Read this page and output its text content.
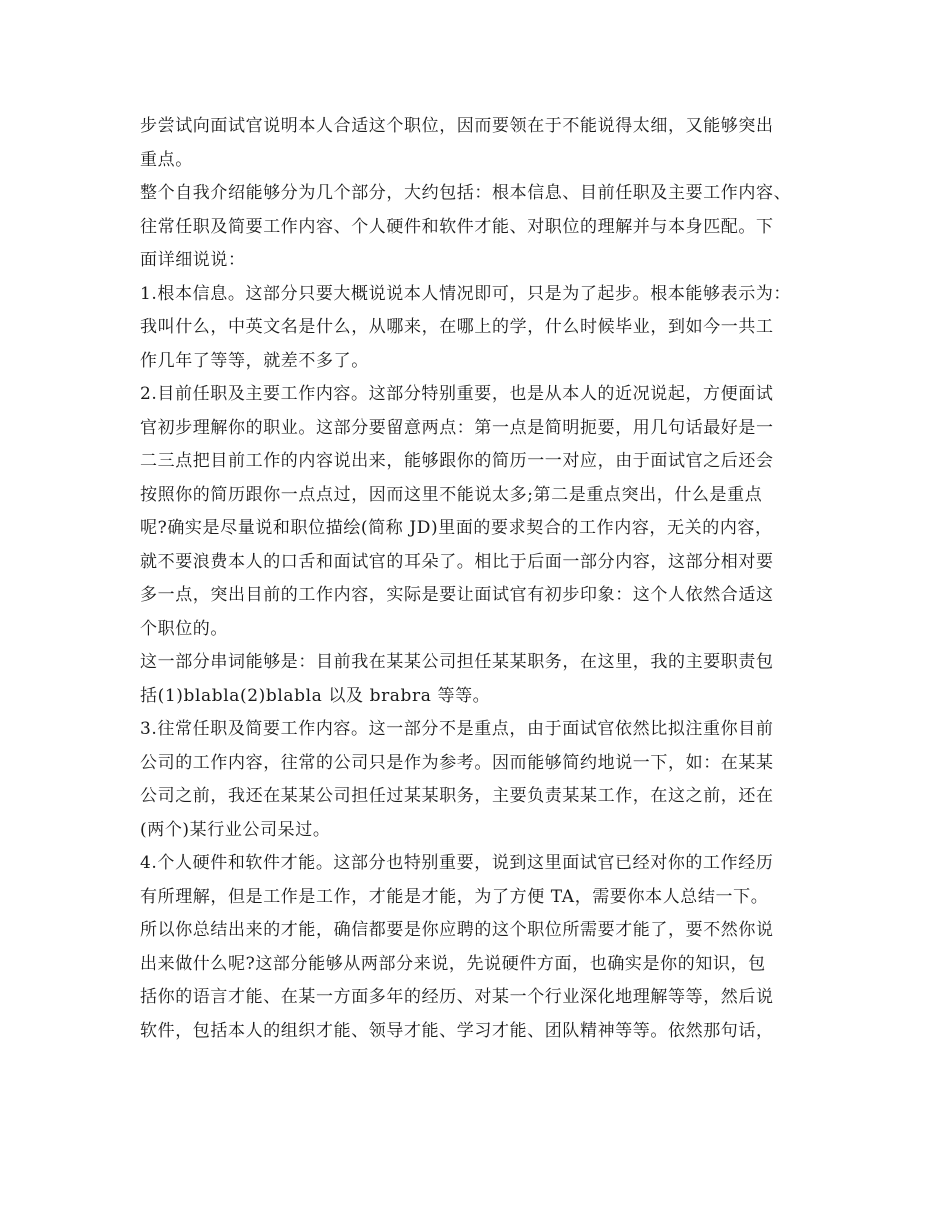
步尝试向面试官说明本人合适这个职位，因而要领在于不能说得太细，又能够突出
重点。
整个自我介绍能够分为几个部分，大约包括：根本信息、目前任职及主要工作内容、
往常任职及简要工作内容、个人硬件和软件才能、对职位的理解并与本身匹配。下
面详细说说：
1.根本信息。这部分只要大概说说本人情况即可，只是为了起步。根本能够表示为：
我叫什么，中英文名是什么，从哪来，在哪上的学，什么时候毕业，到如今一共工
作几年了等等，就差不多了。
2.目前任职及主要工作内容。这部分特别重要，也是从本人的近况说起，方便面试
官初步理解你的职业。这部分要留意两点：第一点是简明扼要，用几句话最好是一
二三点把目前工作的内容说出来，能够跟你的简历一一对应，由于面试官之后还会
按照你的简历跟你一点点过，因而这里不能说太多;第二是重点突出，什么是重点
呢?确实是尽量说和职位描绘(简称 JD)里面的要求契合的工作内容，无关的内容，
就不要浪费本人的口舌和面试官的耳朵了。相比于后面一部分内容，这部分相对要
多一点，突出目前的工作内容，实际是要让面试官有初步印象：这个人依然合适这
个职位的。
这一部分串词能够是：目前我在某某公司担任某某职务，在这里，我的主要职责包
括(1)blabla(2)blabla 以及 brabra 等等。
3.往常任职及简要工作内容。这一部分不是重点，由于面试官依然比拟注重你目前
公司的工作内容，往常的公司只是作为参考。因而能够简约地说一下，如：在某某
公司之前，我还在某某公司担任过某某职务，主要负责某某工作，在这之前，还在
(两个)某行业公司呆过。
4.个人硬件和软件才能。这部分也特别重要，说到这里面试官已经对你的工作经历
有所理解，但是工作是工作，才能是才能，为了方便 TA，需要你本人总结一下。
所以你总结出来的才能，确信都要是你应聘的这个职位所需要才能了，要不然你说
出来做什么呢?这部分能够从两部分来说，先说硬件方面，也确实是你的知识，包
括你的语言才能、在某一方面多年的经历、对某一个行业深化地理解等等，然后说
软件，包括本人的组织才能、领导才能、学习才能、团队精神等等。依然那句话，
